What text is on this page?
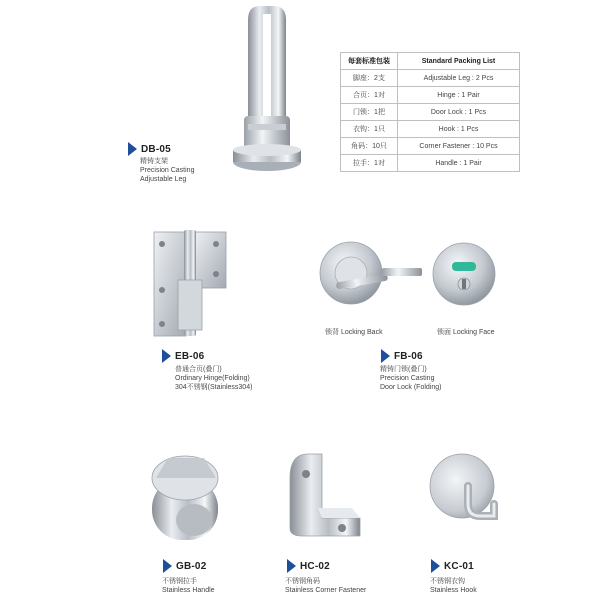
每套标准包装	Standard Packing List
脚座：2支	Adjustable Leg : 2 Pcs
合页：1对	Hinge : 1 Pair
门锁：1把	Door Lock : 1 Pcs
衣钩：1只	Hook : 1 Pcs
角码：10只	Corner Fastener : 10 Pcs
拉手：1对	Handle : 1 Pair
DB-05
精铸支架
Precision Casting
Adjustable Leg
EB-06
普通合页(叠门)
Ordinary Hinge(Folding)
304不锈钢(Stainless304)
锁背 Locking Back	锁面 Locking Face
FB-06
精铸门锁(叠门)
Precision Casting
Door Lock (Folding)
GB-02
不锈钢拉手
Stainless Handle
HC-02
不锈钢角码
Stainless Corner Fastener
KC-01
不锈钢衣钩
Stainless Hook
